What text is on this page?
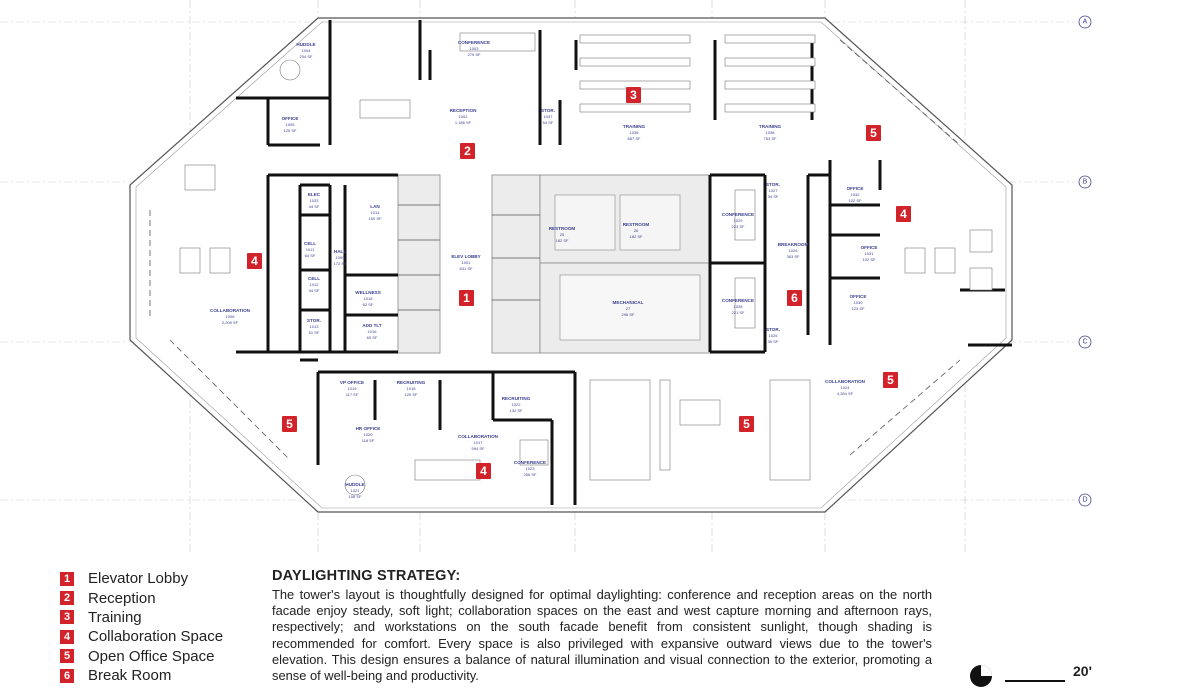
A
B
C
D
HUDDLE
1004
204 SF
OFFICE
1005
125 SF
CONFERENCE
1003
279 SF
RECEPTION
1002
1,186 SF
STOR.
1037
54 SF
TRAINING
1036
687 SF
TRAINING
1038
753 SF
ELEC
1033
44 SF	LAN
1014
150 SF
CELL
1011
64 SF
HALL
1009
172 SF
CELL
1012
44 SF	WELLNESS
1018
62 SF
STOR.
1013
51 SF
ADD TLT
1016
60 SF
ELEV LOBBY
1001
631 SF
RESTROOM
25
182 SF
RESTROOM
26
182 SF
MECHANICAL
27
296 SF
COLLABORATION
1006
2,205 SF
CONFERENCE
1029
223 SF
CONFERENCE
1028
221 SF
STOR.
1027
34 SF
BREAKROOM
1026
363 SF
STOR.
1025
35 SF
OFFICE
1032
102 SF
OFFICE
1031
102 SF
OFFICE
1030
123 SF
VP OFFICE
1019
117 SF
RECRUITING
1018
120 SF
RECRUITING
1022
132 SF
HR OFFICE
1020
118 SF
COLLABORATION
1017
594 SF
CONFERENCE
1023
256 SF
HUDDLE
1021
106 SF
COLLABORATION
1024
4,284 SF
2
3
5
4
4
1	6
5
5	5
4
1 Elevator Lobby
2 Reception
3 Training
4 Collaboration Space
5 Open Office Space
6 Break Room
DAYLIGHTING STRATEGY:

The tower's layout is thoughtfully designed for optimal daylighting: conference and reception areas on the north facade enjoy steady, soft light; collaboration spaces on the east and west capture morning and afternoon rays, respectively; and workstations on the south facade benefit from consistent sunlight, though shading is recommended for comfort. Every space is also privileged with expansive outward views due to the tower's elevation. This design ensures a balance of natural illumination and visual connection to the exterior, promoting a sense of well-being and productivity.	20'
